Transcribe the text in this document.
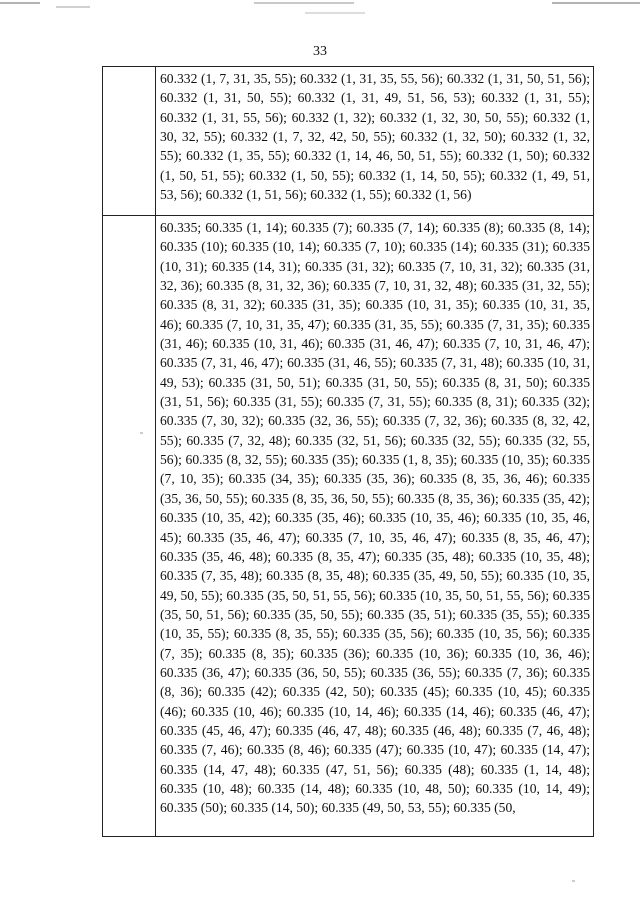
33
	60.332 (1, 7, 31, 35, 55); 60.332 (1, 31, 35, 55, 56); 60.332 (1, 31, 50, 51, 56); 60.332 (1, 31, 50, 55); 60.332 (1, 31, 49, 51, 56, 53); 60.332 (1, 31, 55); 60.332 (1, 31, 55, 56); 60.332 (1, 32); 60.332 (1, 32, 30, 50, 55); 60.332 (1, 30, 32, 55); 60.332 (1, 7, 32, 42, 50, 55); 60.332 (1, 32, 50); 60.332 (1, 32, 55); 60.332 (1, 35, 55); 60.332 (1, 14, 46, 50, 51, 55); 60.332 (1, 50); 60.332 (1, 50, 51, 55); 60.332 (1, 50, 55); 60.332 (1, 14, 50, 55); 60.332 (1, 49, 51, 53, 56); 60.332 (1, 51, 56); 60.332 (1, 55); 60.332 (1, 56)
	60.335; 60.335 (1, 14); 60.335 (7); 60.335 (7, 14); 60.335 (8); 60.335 (8, 14); 60.335 (10); 60.335 (10, 14); 60.335 (7, 10); 60.335 (14); 60.335 (31); 60.335 (10, 31); 60.335 (14, 31); 60.335 (31, 32); 60.335 (7, 10, 31, 32); 60.335 (31, 32, 36); 60.335 (8, 31, 32, 36); 60.335 (7, 10, 31, 32, 48); 60.335 (31, 32, 55); 60.335 (8, 31, 32); 60.335 (31, 35); 60.335 (10, 31, 35); 60.335 (10, 31, 35, 46); 60.335 (7, 10, 31, 35, 47); 60.335 (31, 35, 55); 60.335 (7, 31, 35); 60.335 (31, 46); 60.335 (10, 31, 46); 60.335 (31, 46, 47); 60.335 (7, 10, 31, 46, 47); 60.335 (7, 31, 46, 47); 60.335 (31, 46, 55); 60.335 (7, 31, 48); 60.335 (10, 31, 49, 53); 60.335 (31, 50, 51); 60.335 (31, 50, 55); 60.335 (8, 31, 50); 60.335 (31, 51, 56); 60.335 (31, 55); 60.335 (7, 31, 55); 60.335 (8, 31); 60.335 (32); 60.335 (7, 30, 32); 60.335 (32, 36, 55); 60.335 (7, 32, 36); 60.335 (8, 32, 42, 55); 60.335 (7, 32, 48); 60.335 (32, 51, 56); 60.335 (32, 55); 60.335 (32, 55, 56); 60.335 (8, 32, 55); 60.335 (35); 60.335 (1, 8, 35); 60.335 (10, 35); 60.335 (7, 10, 35); 60.335 (34, 35); 60.335 (35, 36); 60.335 (8, 35, 36, 46); 60.335 (35, 36, 50, 55); 60.335 (8, 35, 36, 50, 55); 60.335 (8, 35, 36); 60.335 (35, 42); 60.335 (10, 35, 42); 60.335 (35, 46); 60.335 (10, 35, 46); 60.335 (10, 35, 46, 45); 60.335 (35, 46, 47); 60.335 (7, 10, 35, 46, 47); 60.335 (8, 35, 46, 47); 60.335 (35, 46, 48); 60.335 (8, 35, 47); 60.335 (35, 48); 60.335 (10, 35, 48); 60.335 (7, 35, 48); 60.335 (8, 35, 48); 60.335 (35, 49, 50, 55); 60.335 (10, 35, 49, 50, 55); 60.335 (35, 50, 51, 55, 56); 60.335 (10, 35, 50, 51, 55, 56); 60.335 (35, 50, 51, 56); 60.335 (35, 50, 55); 60.335 (35, 51); 60.335 (35, 55); 60.335 (10, 35, 55); 60.335 (8, 35, 55); 60.335 (35, 56); 60.335 (10, 35, 56); 60.335 (7, 35); 60.335 (8, 35); 60.335 (36); 60.335 (10, 36); 60.335 (10, 36, 46); 60.335 (36, 47); 60.335 (36, 50, 55); 60.335 (36, 55); 60.335 (7, 36); 60.335 (8, 36); 60.335 (42); 60.335 (42, 50); 60.335 (45); 60.335 (10, 45); 60.335 (46); 60.335 (10, 46); 60.335 (10, 14, 46); 60.335 (14, 46); 60.335 (46, 47); 60.335 (45, 46, 47); 60.335 (46, 47, 48); 60.335 (46, 48); 60.335 (7, 46, 48); 60.335 (7, 46); 60.335 (8, 46); 60.335 (47); 60.335 (10, 47); 60.335 (14, 47); 60.335 (14, 47, 48); 60.335 (47, 51, 56); 60.335 (48); 60.335 (1, 14, 48); 60.335 (10, 48); 60.335 (14, 48); 60.335 (10, 48, 50); 60.335 (10, 14, 49); 60.335 (50); 60.335 (14, 50); 60.335 (49, 50, 53, 55); 60.335 (50,
